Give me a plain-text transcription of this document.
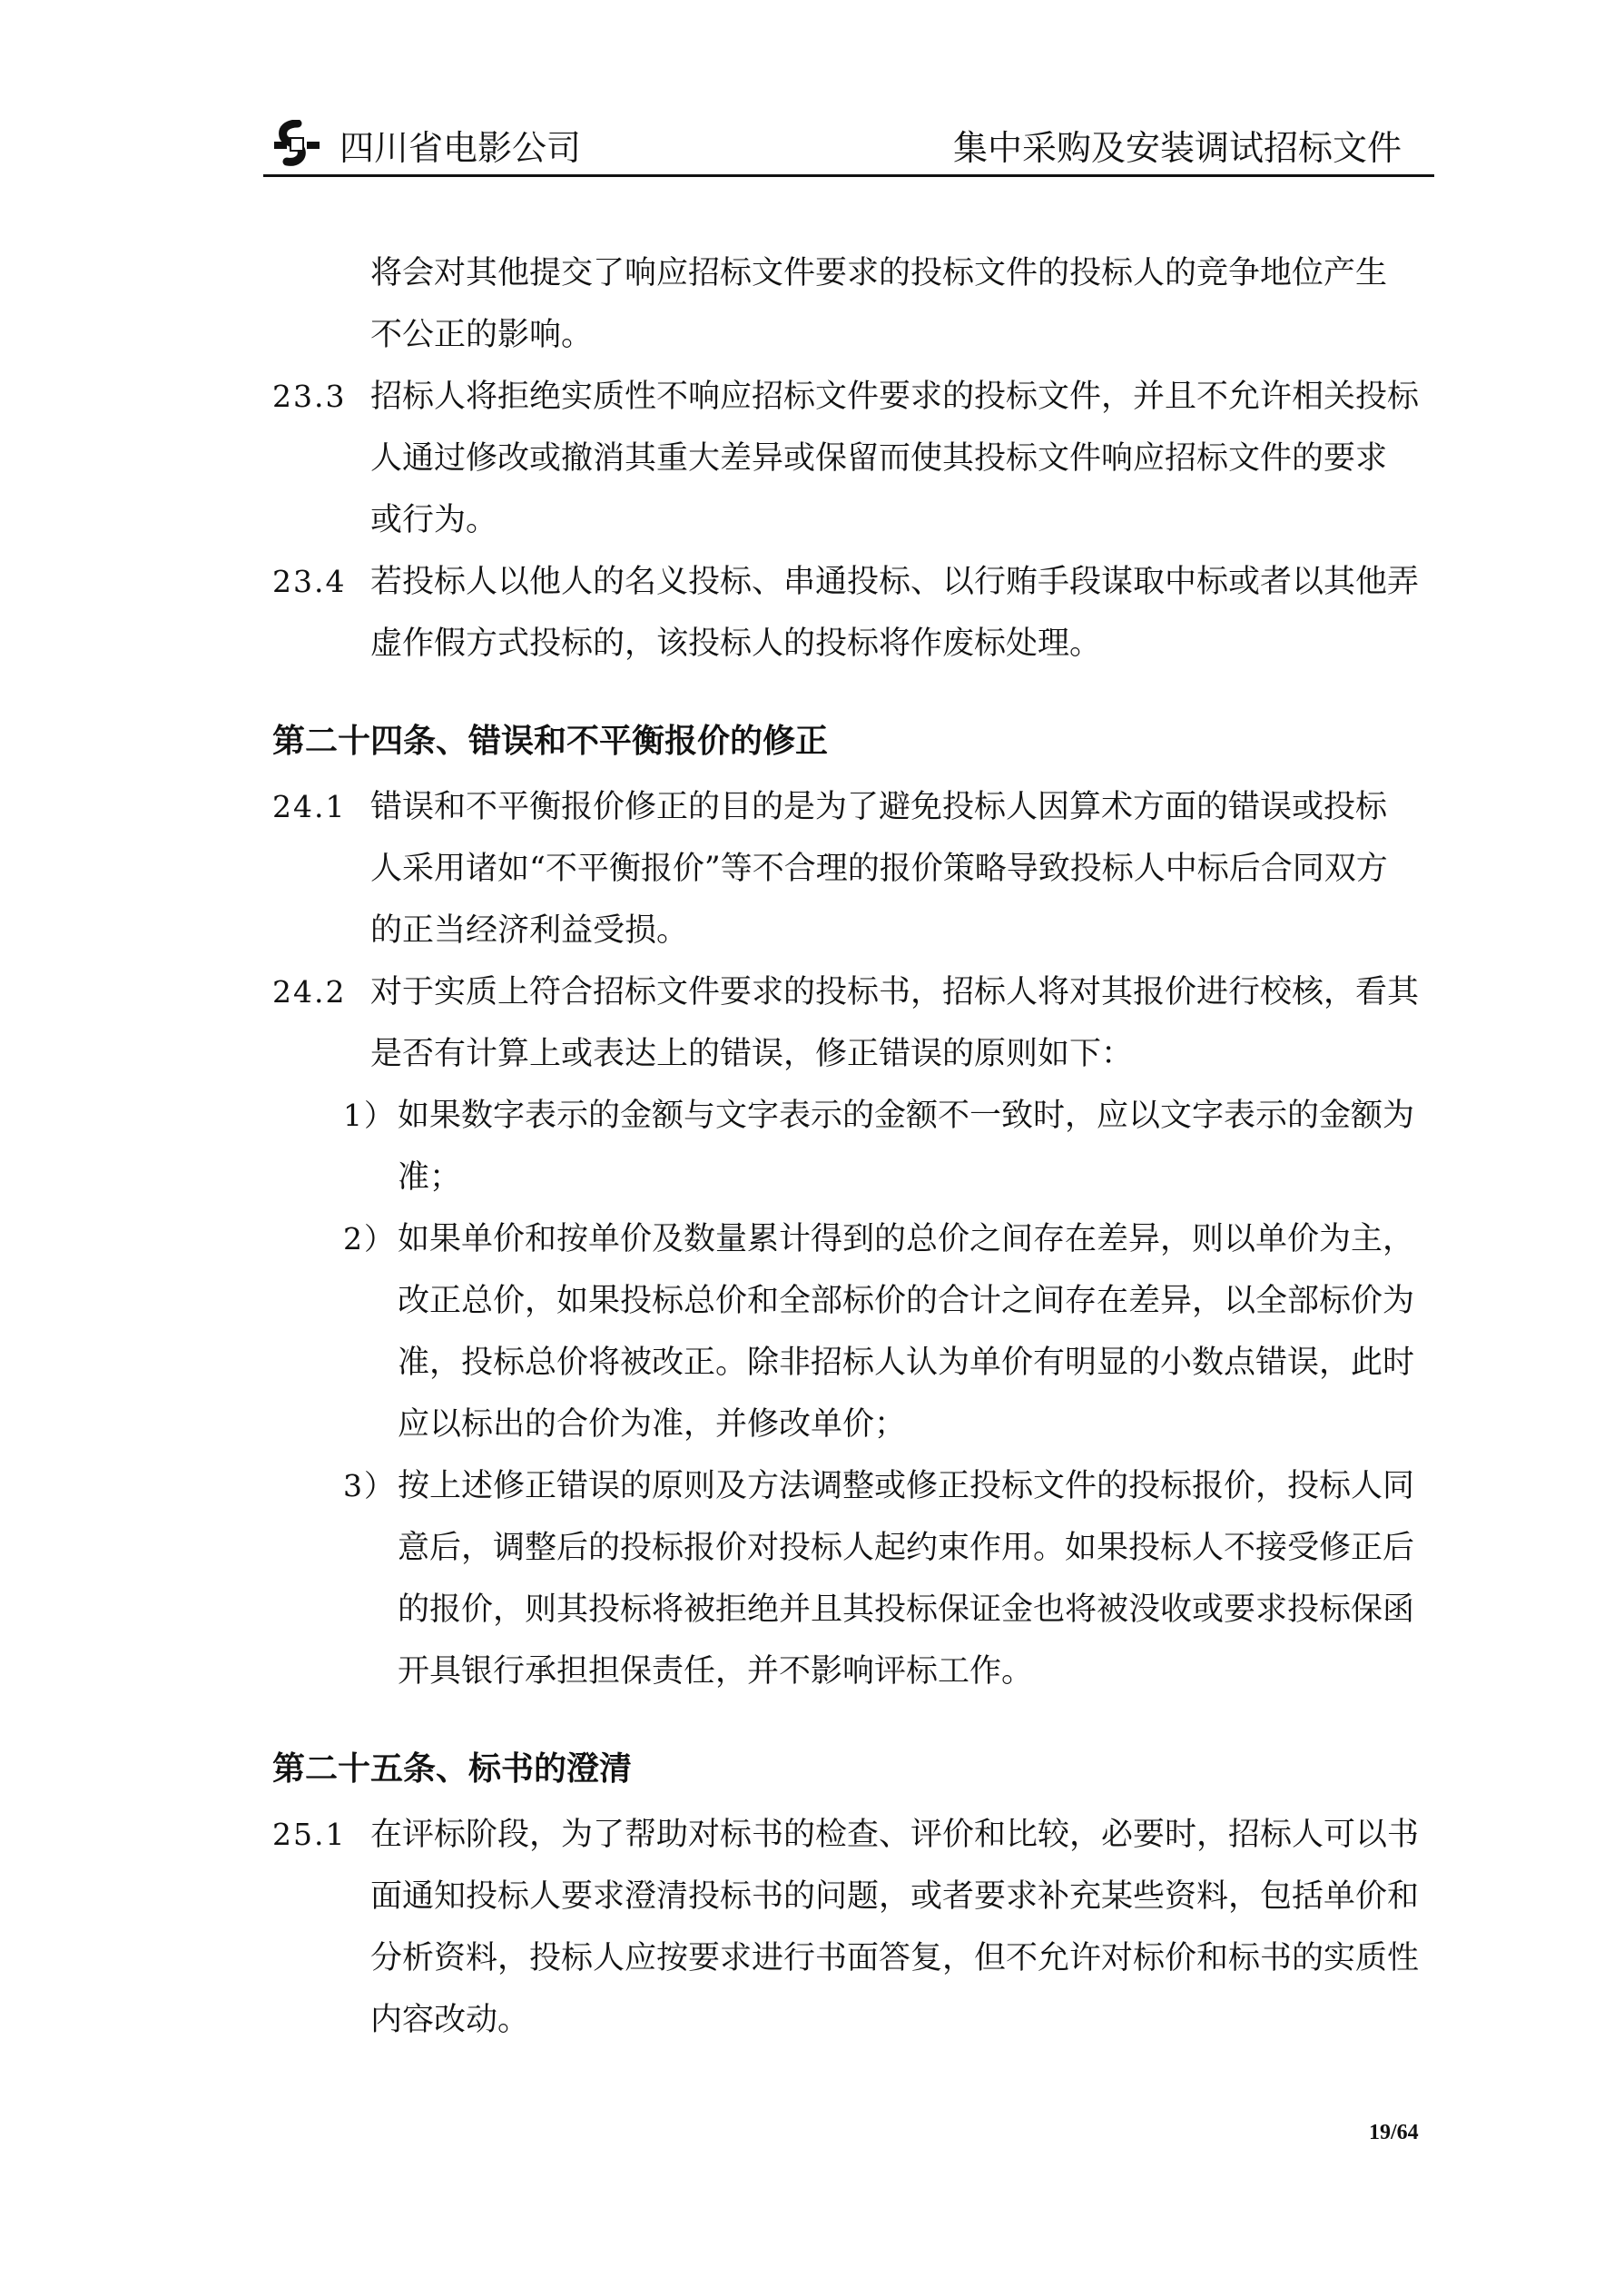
四川省电影公司	集中采购及安装调试招标文件
将会对其他提交了响应招标文件要求的投标文件的投标人的竞争地位产生
不公正的影响。
23.3 招标人将拒绝实质性不响应招标文件要求的投标文件，并且不允许相关投标
人通过修改或撤消其重大差异或保留而使其投标文件响应招标文件的要求
或行为。
23.4 若投标人以他人的名义投标、串通投标、以行贿手段谋取中标或者以其他弄
虚作假方式投标的，该投标人的投标将作废标处理。
第二十四条、错误和不平衡报价的修正
24.1 错误和不平衡报价修正的目的是为了避免投标人因算术方面的错误或投标
人采用诸如“不平衡报价”等不合理的报价策略导致投标人中标后合同双方
的正当经济利益受损。
24.2 对于实质上符合招标文件要求的投标书，招标人将对其报价进行校核，看其
是否有计算上或表达上的错误，修正错误的原则如下：
1） 如果数字表示的金额与文字表示的金额不一致时，应以文字表示的金额为
准；
2） 如果单价和按单价及数量累计得到的总价之间存在差异，则以单价为主，
改正总价，如果投标总价和全部标价的合计之间存在差异，以全部标价为
准，投标总价将被改正。除非招标人认为单价有明显的小数点错误，此时
应以标出的合价为准，并修改单价；
3） 按上述修正错误的原则及方法调整或修正投标文件的投标报价，投标人同
意后，调整后的投标报价对投标人起约束作用。如果投标人不接受修正后
的报价，则其投标将被拒绝并且其投标保证金也将被没收或要求投标保函
开具银行承担担保责任，并不影响评标工作。
第二十五条、标书的澄清
25.1 在评标阶段，为了帮助对标书的检查、评价和比较，必要时，招标人可以书
面通知投标人要求澄清投标书的问题，或者要求补充某些资料，包括单价和
分析资料，投标人应按要求进行书面答复，但不允许对标价和标书的实质性
内容改动。
19/64
